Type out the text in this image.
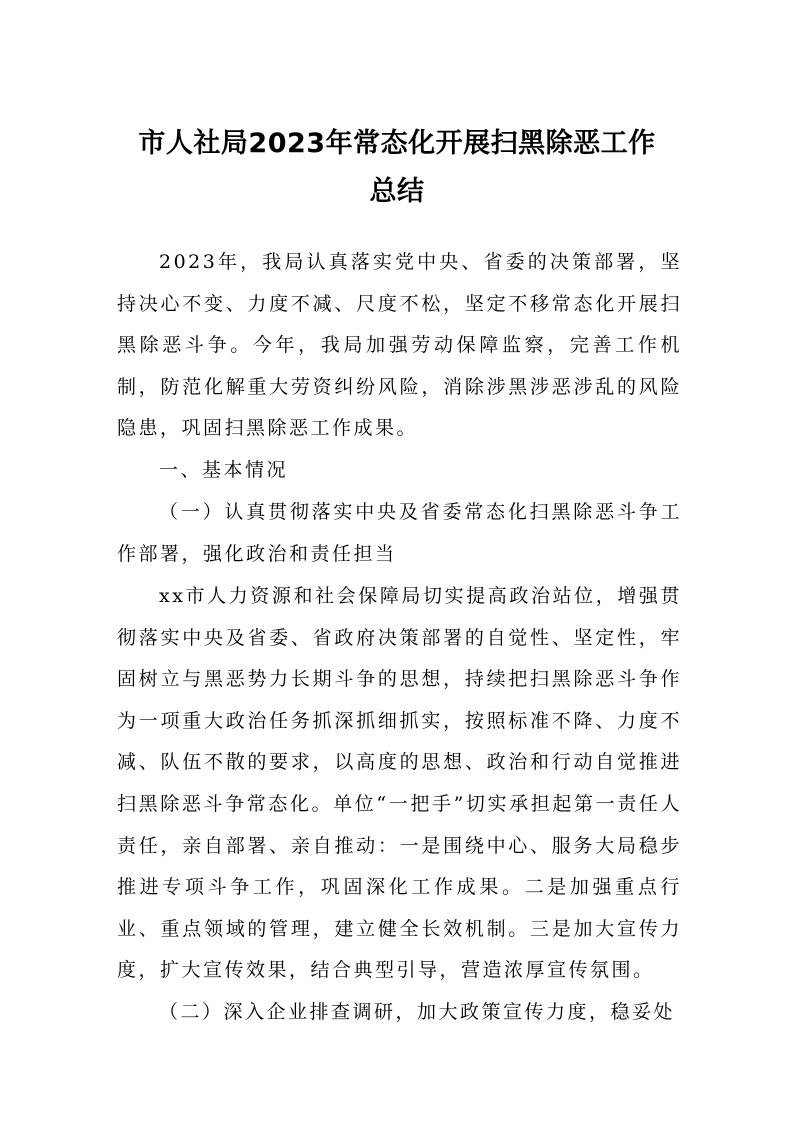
市人社局2023年常态化开展扫黑除恶工作
总结

2023年，我局认真落实党中央、省委的决策部署，坚持决心不变、力度不减、尺度不松，坚定不移常态化开展扫黑除恶斗争。今年，我局加强劳动保障监察，完善工作机制，防范化解重大劳资纠纷风险，消除涉黑涉恶涉乱的风险隐患，巩固扫黑除恶工作成果。

一、基本情况

（一）认真贯彻落实中央及省委常态化扫黑除恶斗争工作部署，强化政治和责任担当

xx市人力资源和社会保障局切实提高政治站位，增强贯彻落实中央及省委、省政府决策部署的自觉性、坚定性，牢固树立与黑恶势力长期斗争的思想，持续把扫黑除恶斗争作为一项重大政治任务抓深抓细抓实，按照标准不降、力度不减、队伍不散的要求，以高度的思想、政治和行动自觉推进扫黑除恶斗争常态化。单位“一把手”切实承担起第一责任人责任，亲自部署、亲自推动：一是围绕中心、服务大局稳步推进专项斗争工作，巩固深化工作成果。二是加强重点行业、重点领域的管理，建立健全长效机制。三是加大宣传力度，扩大宣传效果，结合典型引导，营造浓厚宣传氛围。

（二）深入企业排查调研，加大政策宣传力度，稳妥处
